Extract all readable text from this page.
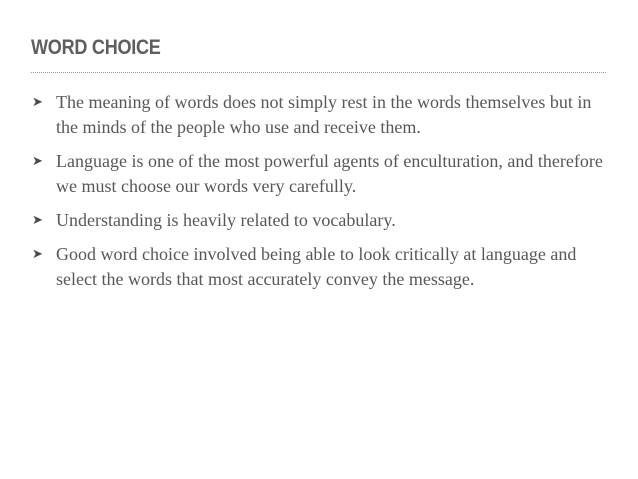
WORD CHOICE
➤ The meaning of words does not simply rest in the words themselves but in the minds of the people who use and receive them.
➤ Language is one of the most powerful agents of enculturation, and therefore we must choose our words very carefully.
➤ Understanding is heavily related to vocabulary.
➤ Good word choice involved being able to look critically at language and select the words that most accurately convey the message.
